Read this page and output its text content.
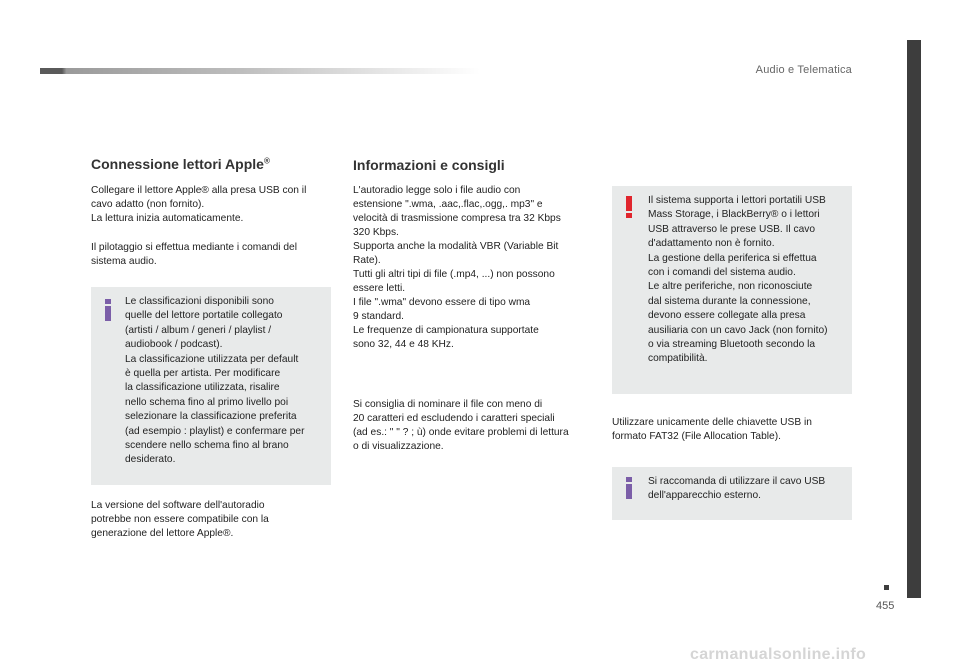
Audio e Telematica
455
Connessione lettori Apple®

Collegare il lettore Apple® alla presa USB con il
cavo adatto (non fornito).
La lettura inizia automaticamente.

Il pilotaggio si effettua mediante i comandi del
sistema audio.

Le classificazioni disponibili sono
quelle del lettore portatile collegato
(artisti / album / generi / playlist /
audiobook / podcast).
La classificazione utilizzata per default
è quella per artista. Per modificare
la classificazione utilizzata, risalire
nello schema fino al primo livello poi
selezionare la classificazione preferita
(ad esempio : playlist) e confermare per
scendere nello schema fino al brano
desiderato.

La versione del software dell'autoradio
potrebbe non essere compatibile con la
generazione del lettore Apple®.

Informazioni e consigli

L'autoradio legge solo i file audio con
estensione ".wma, .aac,.flac,.ogg,. mp3" e
velocità di trasmissione compresa tra 32 Kbps
320 Kbps.
Supporta anche la modalità VBR (Variable Bit
Rate).
Tutti gli altri tipi di file (.mp4, ...) non possono
essere letti.
I file ".wma" devono essere di tipo wma
9 standard.
Le frequenze di campionatura supportate
sono 32, 44 e 48 KHz.

Si consiglia di nominare il file con meno di
20 caratteri ed escludendo i caratteri speciali
(ad es.: " " ? ; ù) onde evitare problemi di lettura
o di visualizzazione.

Il sistema supporta i lettori portatili USB
Mass Storage, i BlackBerry® o i lettori
USB attraverso le prese USB. Il cavo
d'adattamento non è fornito.
La gestione della periferica si effettua
con i comandi del sistema audio.
Le altre periferiche, non riconosciute
dal sistema durante la connessione,
devono essere collegate alla presa
ausiliaria con un cavo Jack (non fornito)
o via streaming Bluetooth secondo la
compatibilità.

Utilizzare unicamente delle chiavette USB in
formato FAT32 (File Allocation Table).

Si raccomanda di utilizzare il cavo USB
dell'apparecchio esterno.

carmanualsonline.info
